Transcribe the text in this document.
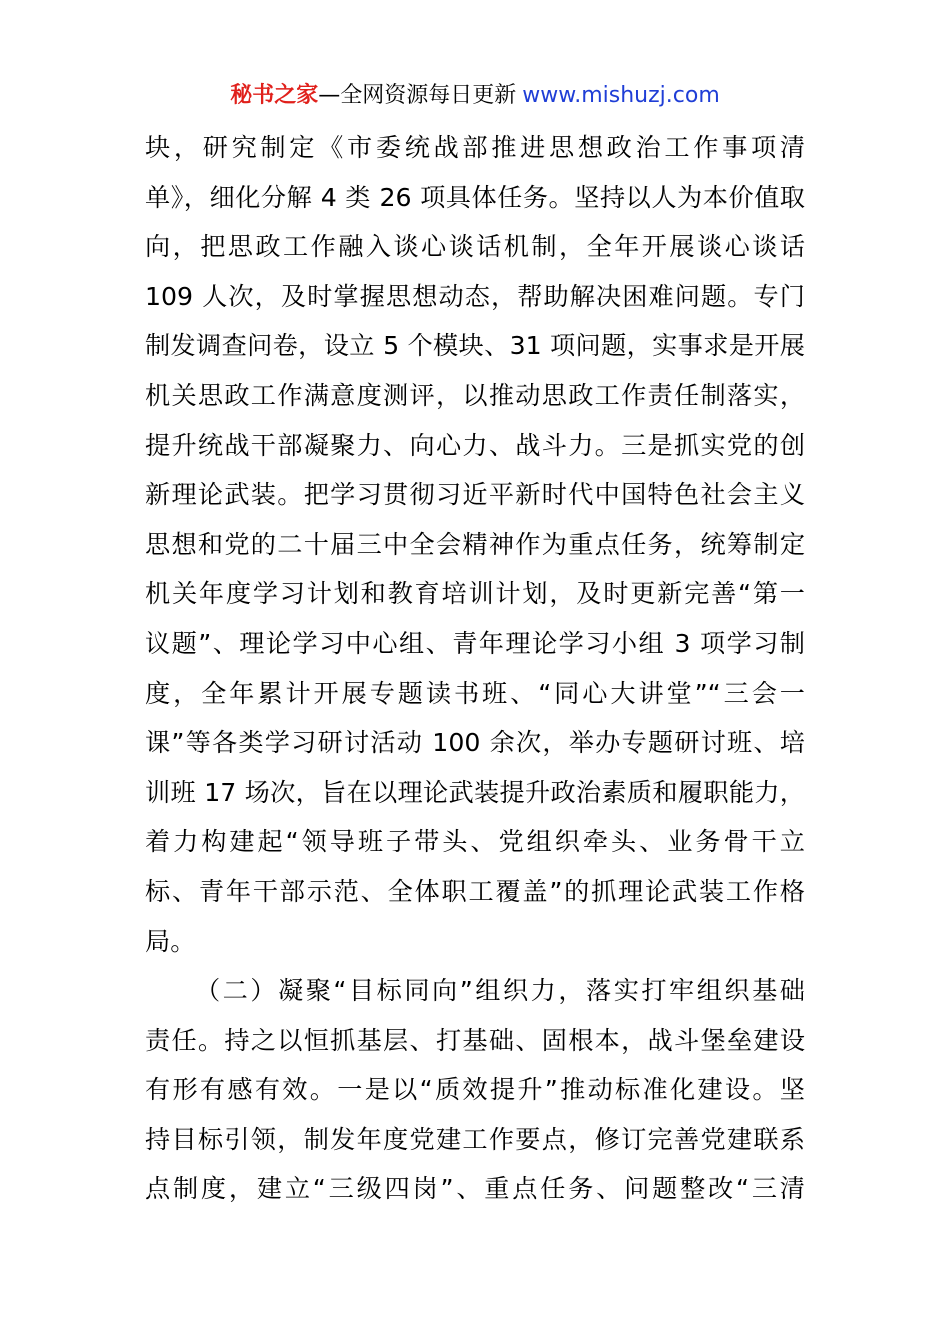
秘书之家—全网资源每日更新 www.mishuzj.com
块，研究制定《市委统战部推进思想政治工作事项清
单》，细化分解 4 类 26 项具体任务。坚持以人为本价值取
向，把思政工作融入谈心谈话机制，全年开展谈心谈话
109 人次，及时掌握思想动态，帮助解决困难问题。专门
制发调查问卷，设立 5 个模块、31 项问题，实事求是开展
机关思政工作满意度测评，以推动思政工作责任制落实，
提升统战干部凝聚力、向心力、战斗力。三是抓实党的创
新理论武装。把学习贯彻习近平新时代中国特色社会主义
思想和党的二十届三中全会精神作为重点任务，统筹制定
机关年度学习计划和教育培训计划，及时更新完善“第一
议题”、理论学习中心组、青年理论学习小组 3 项学习制
度，全年累计开展专题读书班、“同心大讲堂”“三会一
课”等各类学习研讨活动 100 余次，举办专题研讨班、培
训班 17 场次，旨在以理论武装提升政治素质和履职能力，
着力构建起“领导班子带头、党组织牵头、业务骨干立
标、青年干部示范、全体职工覆盖”的抓理论武装工作格
局。
（二）凝聚“目标同向”组织力，落实打牢组织基础
责任。持之以恒抓基层、打基础、固根本，战斗堡垒建设
有形有感有效。一是以“质效提升”推动标准化建设。坚
持目标引领，制发年度党建工作要点，修订完善党建联系
点制度，建立“三级四岗”、重点任务、问题整改“三清
